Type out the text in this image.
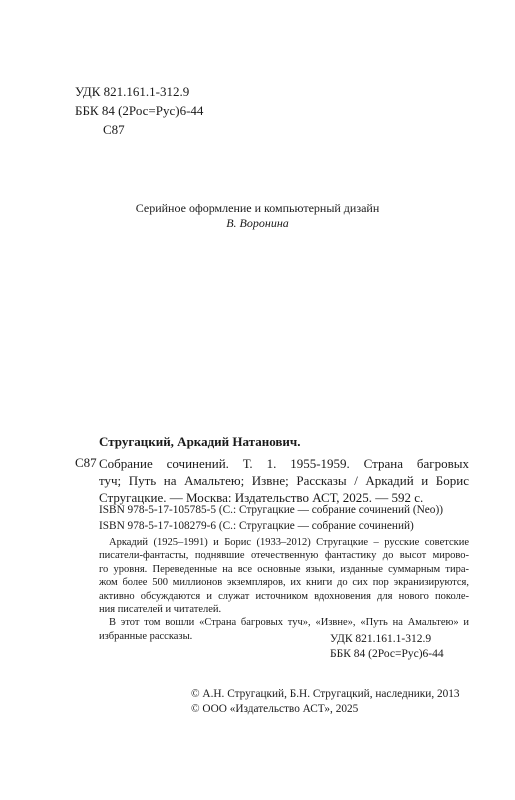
УДК 821.161.1-312.9
ББК 84 (2Рос=Рус)6-44
С87
Серийное оформление и компьютерный дизайн
В. Воронина
Стругацкий, Аркадий Натанович.
С87 Собрание сочинений. Т. 1. 1955-1959. Страна багровых
туч; Путь на Амальтею; Извне; Рассказы / Аркадий и Борис
Стругацкие. — Москва: Издательство АСТ, 2025. — 592 с.
ISBN 978-5-17-105785-5 (С.: Стругацкие — собрание сочинений (Neo))
ISBN 978-5-17-108279-6 (С.: Стругацкие — собрание сочинений)
Аркадий (1925–1991) и Борис (1933–2012) Стругацкие – русские советские
писатели-фантасты, поднявшие отечественную фантастику до высот мирово-
го уровня. Переведенные на все основные языки, изданные суммарным тира-
жом более 500 миллионов экземпляров, их книги до сих пор экранизируются,
активно обсуждаются и служат источником вдохновения для нового поколе-
ния писателей и читателей.
В этот том вошли «Страна багровых туч», «Извне», «Путь на Амальтею» и
избранные рассказы.	УДК 821.161.1-312.9
ББК 84 (2Рос=Рус)6-44
© А.Н. Стругацкий, Б.Н. Стругацкий, наследники, 2013
© ООО «Издательство АСТ», 2025
